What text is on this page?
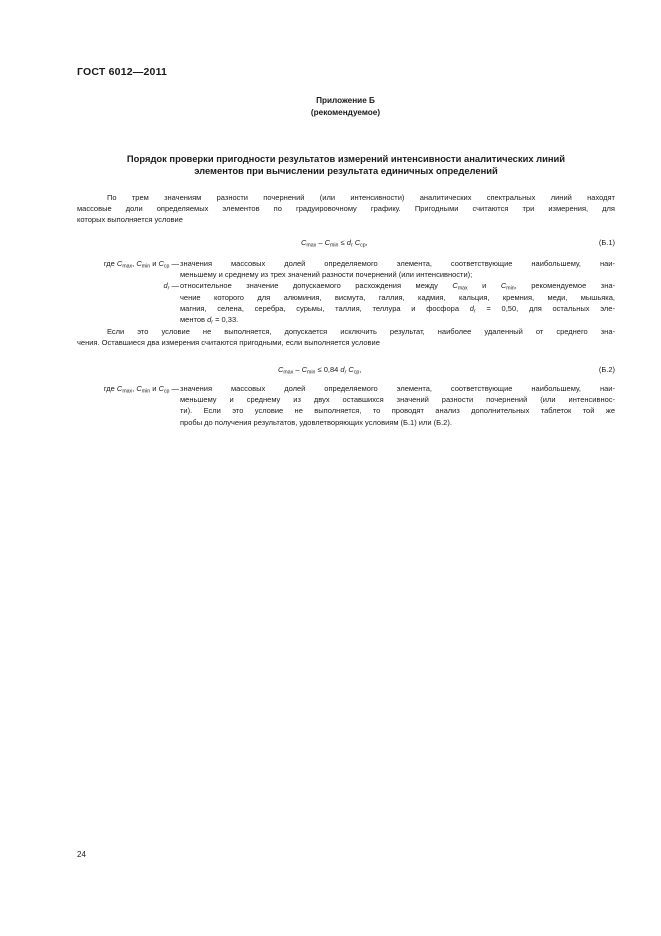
ГОСТ 6012—2011
Приложение Б
(рекомендуемое)
Порядок проверки пригодности результатов измерений интенсивности аналитических линий
элементов при вычислении результата единичных определений
По трем значениям разности почернений (или интенсивности) аналитических спектральных линий находят
массовые доли определяемых элементов по градуировочному графику. Пригодными считаются три измерения, для
которых выполняется условие
$C_{max} - C_{min} \le d_r$ $C_{ср}$,	(Б.1)
где $C_{max}$, $C_{min}$ и $C_{ср}$ — значения массовых долей определяемого элемента, соответствующие наибольшему, наи-
меньшему и среднему из трех значений разности почернений (или интенсивности);
$d_r$ — относительное значение допускаемого расхождения между $C_{max}$ и $C_{min}$, рекомендуемое зна-
чение которого для алюминия, висмута, галлия, кадмия, кальция, кремния, меди, мышьяка,
магния, селена, серебра, сурьмы, таллия, теллура и фосфора $d_r = 0,50$, для остальных эле-
ментов $d_r = 0,33$.
Если это условие не выполняется, допускается исключить результат, наиболее удаленный от среднего зна-
чения. Оставшиеся два измерения считаются пригодными, если выполняется условие
$C_{max} - C_{min} \le 0,84$ $d_r$ $C_{ср}$,	(Б.2)
где $C_{max}$, $C_{min}$ и $C_{ср}$ — значения массовых долей определяемого элемента, соответствующие наибольшему, наи-
меньшему и среднему из двух оставшихся значений разности почернений (или интенсивнос-
ти). Если это условие не выполняется, то проводят анализ дополнительных таблеток той же
пробы до получения результатов, удовлетворяющих условиям (Б.1) или (Б.2).
24
